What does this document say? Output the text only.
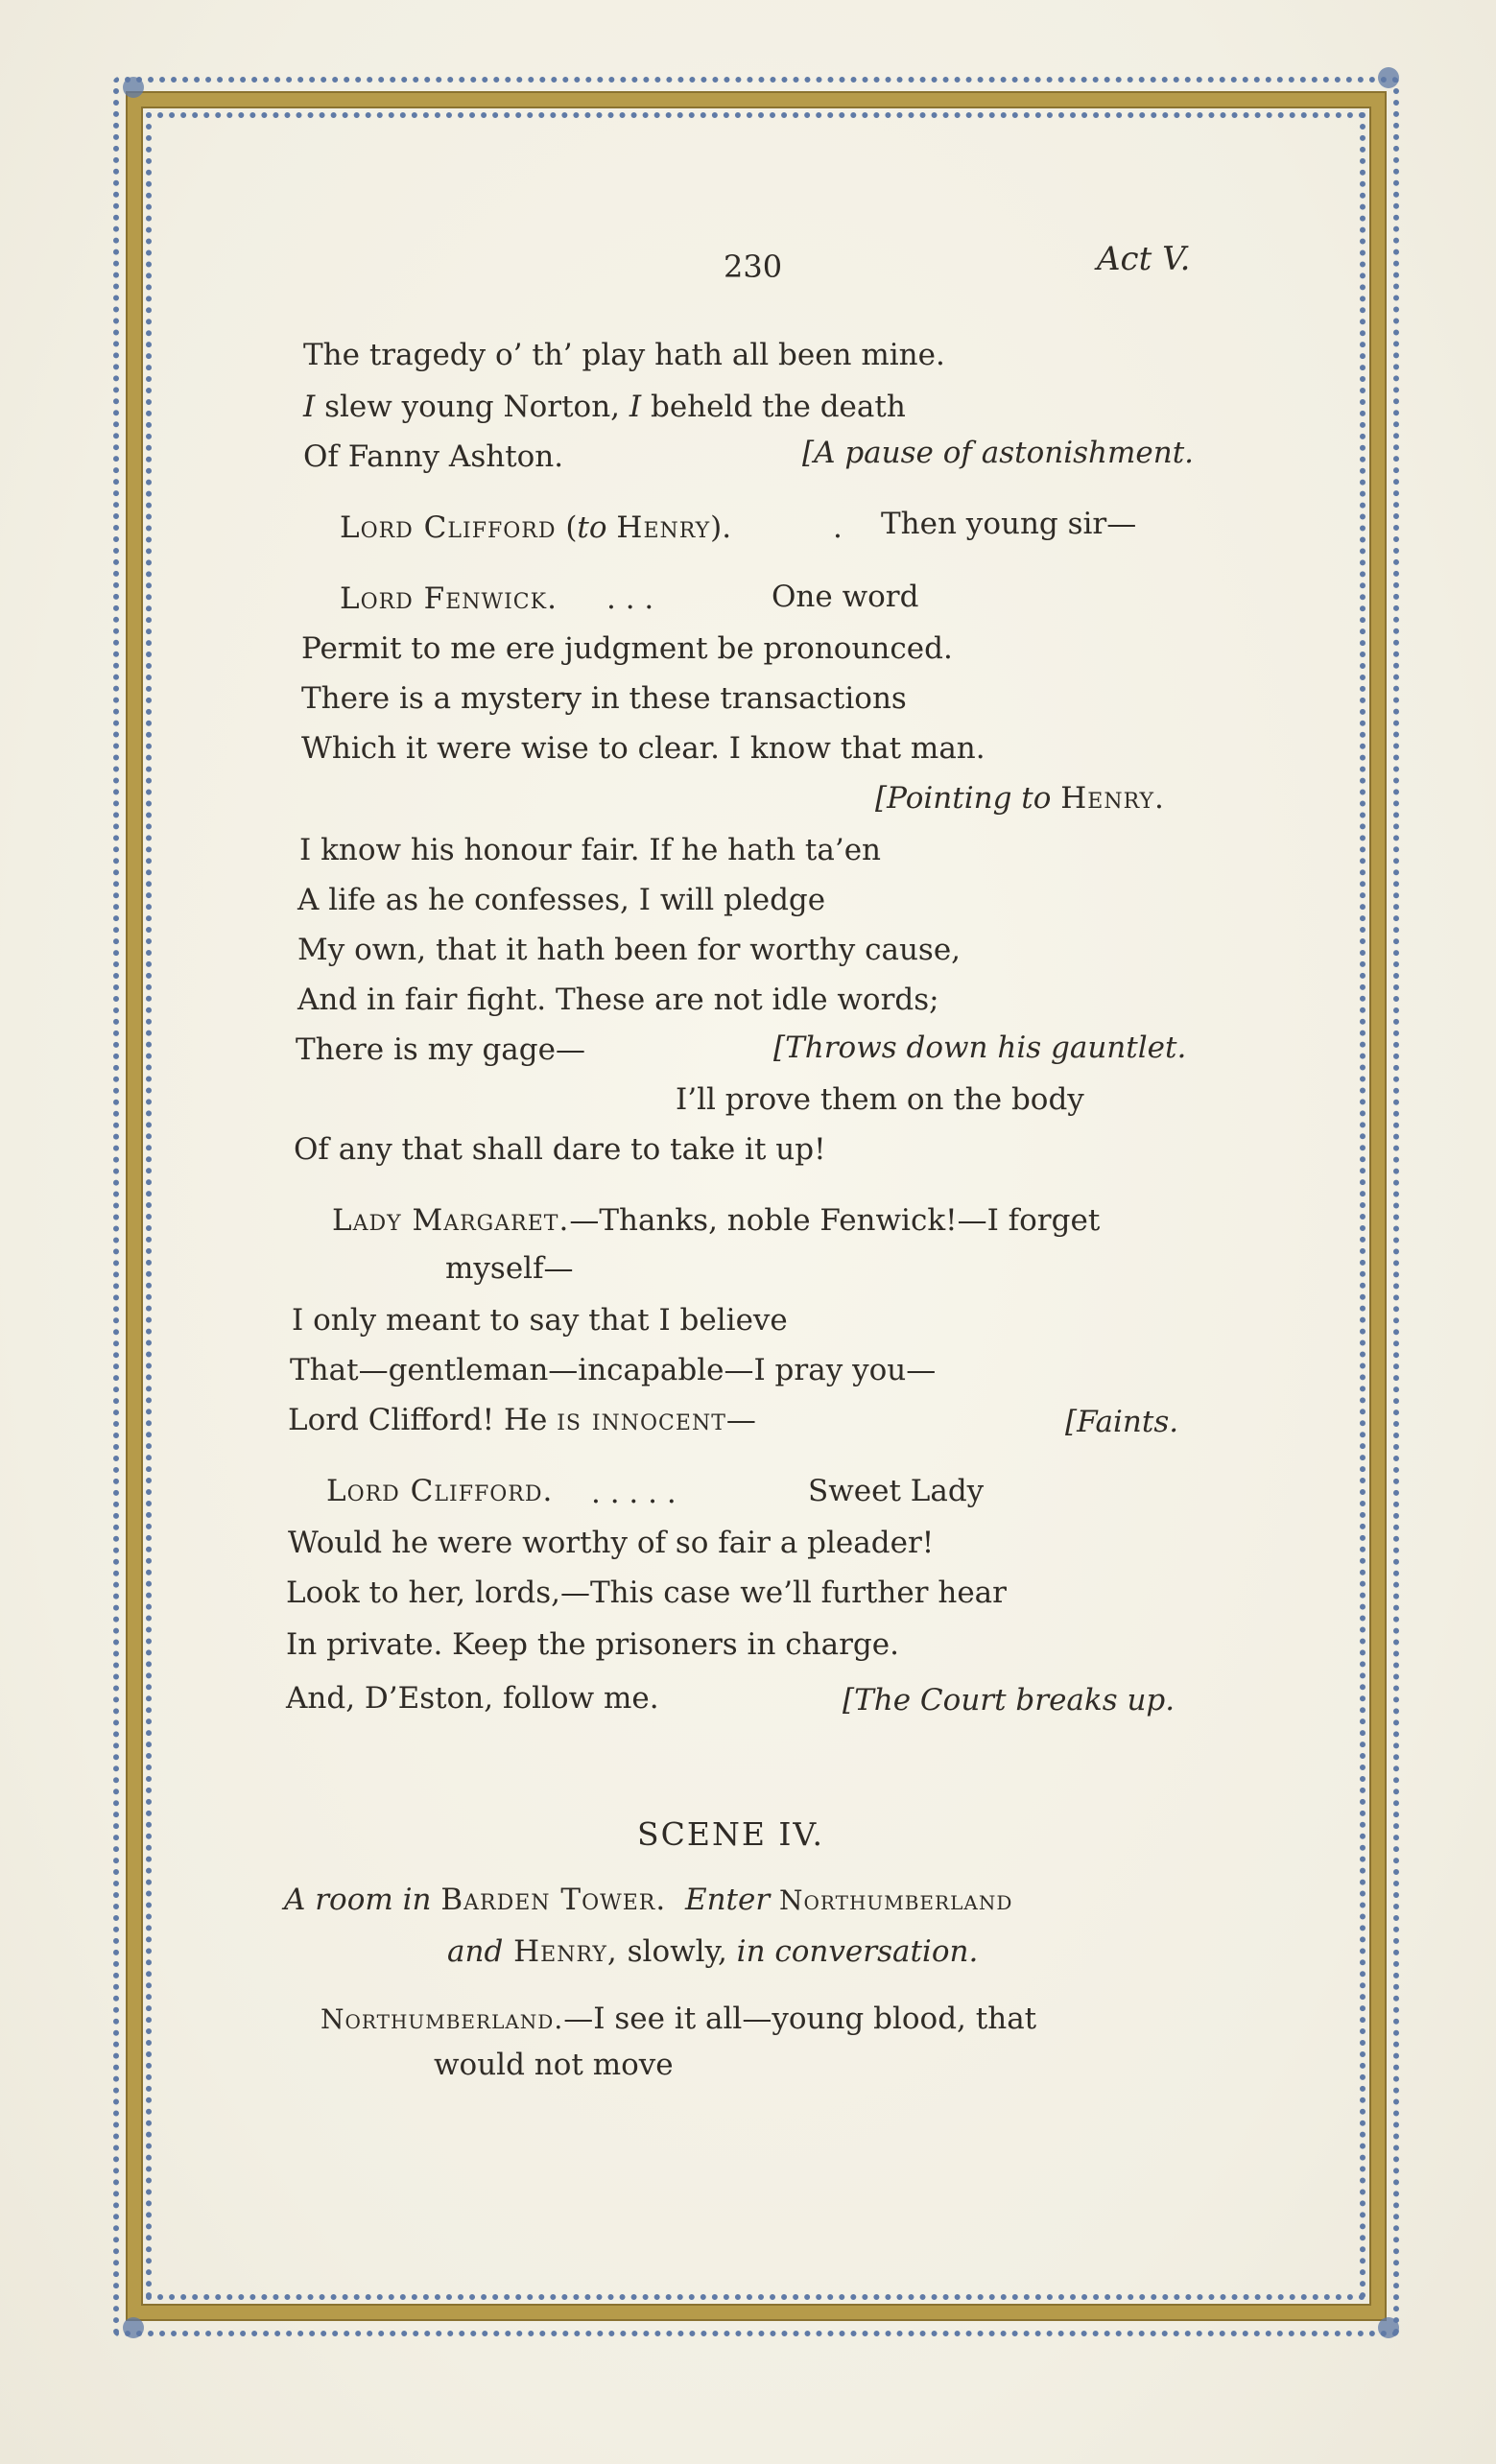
230	Act V.
The tragedy o’ th’ play hath all been mine.
I slew young Norton, I beheld the death
Of Fanny Ashton.	[A pause of astonishment.
Lord Clifford (to Henry).	. Then young sir—
Lord Fenwick. . . .	One word
Permit to me ere judgment be pronounced.
There is a mystery in these transactions
Which it were wise to clear. I know that man.
[Pointing to Henry.
I know his honour fair. If he hath ta’en
A life as he confesses, I will pledge
My own, that it hath been for worthy cause,
And in fair fight. These are not idle words;
There is my gage—	[Throws down his gauntlet.
I’ll prove them on the body
Of any that shall dare to take it up!
Lady Margaret.—Thanks, noble Fenwick!—I forget
myself—
I only meant to say that I believe
That—gentleman—incapable—I pray you—
Lord Clifford! He is innocent—	[Faints.
Lord Clifford. . . . . .	Sweet Lady
Would he were worthy of so fair a pleader!
Look to her, lords,—This case we’ll further hear
In private. Keep the prisoners in charge.
And, D’Eston, follow me.	[The Court breaks up.
SCENE IV.
A room in Barden Tower. Enter Northumberland
and Henry, slowly, in conversation.
Northumberland.—I see it all—young blood, that
would not move
